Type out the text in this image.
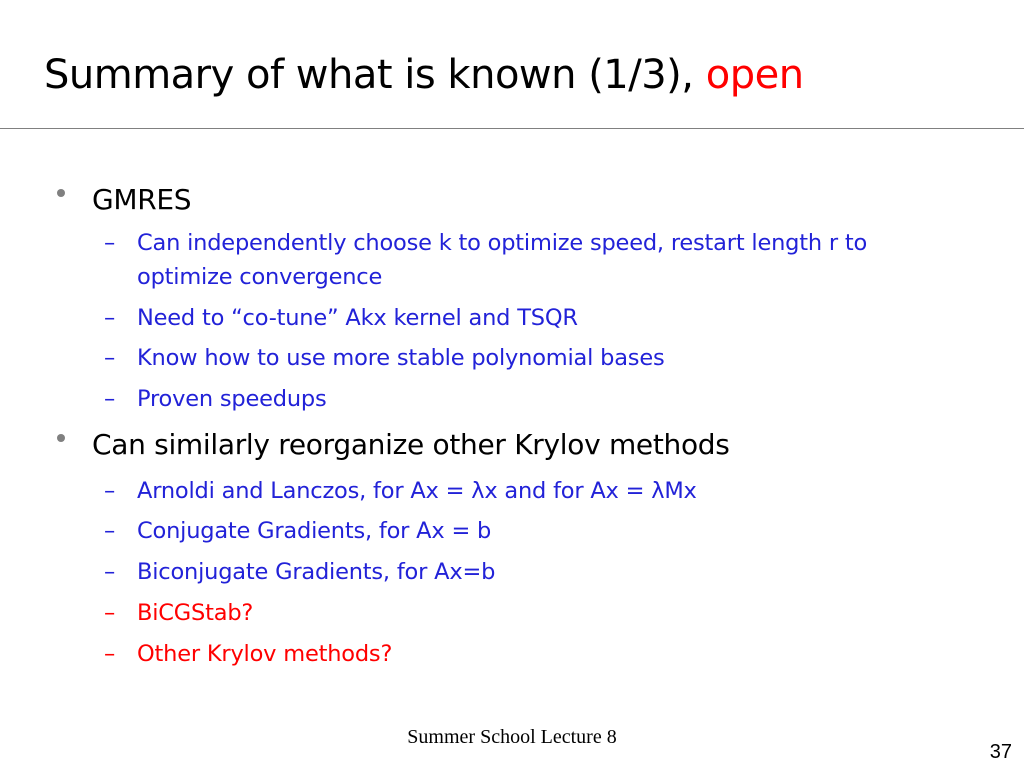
Summary of what is known (1/3), open
GMRES
– Can independently choose k to optimize speed, restart length r to optimize convergence
– Need to “co-tune” Akx kernel and TSQR
– Know how to use more stable polynomial bases
– Proven speedups
Can similarly reorganize other Krylov methods
– Arnoldi and Lanczos, for Ax = λx and for Ax = λMx
– Conjugate Gradients, for Ax = b
– Biconjugate Gradients, for Ax=b
– BiCGStab?
– Other Krylov methods?
Summer School Lecture 8
37
